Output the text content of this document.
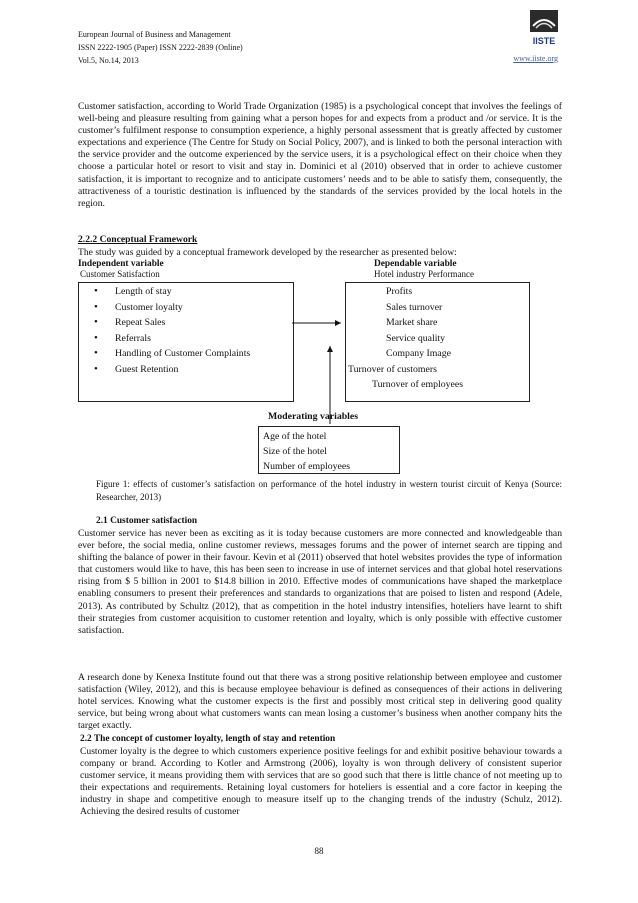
European Journal of Business and Management
ISSN 2222-1905 (Paper) ISSN 2222-2839 (Online)
Vol.5, No.14, 2013	www.iiste.org
IISTE

Customer satisfaction, according to World Trade Organization (1985) is a psychological concept that involves the feelings of well-being and pleasure resulting from gaining what a person hopes for and expects from a product and /or service. It is the customer’s fulfilment response to consumption experience, a highly personal assessment that is greatly affected by customer expectations and experience (The Centre for Study on Social Policy, 2007), and is linked to both the personal interaction with the service provider and the outcome experienced by the service users, it is a psychological effect on their choice when they choose a particular hotel or resort to visit and stay in. Dominici et al (2010) observed that in order to achieve customer satisfaction, it is important to recognize and to anticipate customers’ needs and to be able to satisfy them, consequently, the attractiveness of a touristic destination is influenced by the standards of the services provided by the local hotels in the region.

2.2.2 Conceptual Framework
The study was guided by a conceptual framework developed by the researcher as presented below:
Independent variable
Customer Satisfaction
Dependable variable
Hotel industry Performance
• Length of stay
• Customer loyalty
• Repeat Sales
• Referrals
• Handling of Customer Complaints
• Guest Retention
Profits
Sales turnover
Market share
Service quality
Company Image
Turnover of customers
Turnover of employees
Moderating variables
Age of the hotel
Size of the hotel
Number of employees

Figure 1: effects of customer’s satisfaction on performance of the hotel industry in western tourist circuit of Kenya (Source: Researcher, 2013)

2.1 Customer satisfaction

Customer service has never been as exciting as it is today because customers are more connected and knowledgeable than ever before, the social media, online customer reviews, messages forums and the power of internet search are tipping and shifting the balance of power in their favour. Kevin et al (2011) observed that hotel websites provides the type of information that customers would like to have, this has been seen to increase in use of internet services and that global hotel reservations rising from $ 5 billion in 2001 to $14.8 billion in 2010. Effective modes of communications have shaped the marketplace enabling consumers to present their preferences and standards to organizations that are poised to listen and respond (Adele, 2013). As contributed by Schultz (2012), that as competition in the hotel industry intensifies, hoteliers have learnt to shift their strategies from customer acquisition to customer retention and loyalty, which is only possible with effective customer satisfaction.

A research done by Kenexa Institute found out that there was a strong positive relationship between employee and customer satisfaction (Wiley, 2012), and this is because employee behaviour is defined as consequences of their actions in delivering hotel services. Knowing what the customer expects is the first and possibly most critical step in delivering good quality service, but being wrong about what customers wants can mean losing a customer’s business when another company hits the target exactly.

2.2 The concept of customer loyalty, length of stay and retention

Customer loyalty is the degree to which customers experience positive feelings for and exhibit positive behaviour towards a company or brand. According to Kotler and Armstrong (2006), loyalty is won through delivery of consistent superior customer service, it means providing them with services that are so good such that there is little chance of not meeting up to their expectations and requirements. Retaining loyal customers for hoteliers is essential and a core factor in keeping the industry in shape and competitive enough to measure itself up to the changing trends of the industry (Schulz, 2012). Achieving the desired results of customer

88
